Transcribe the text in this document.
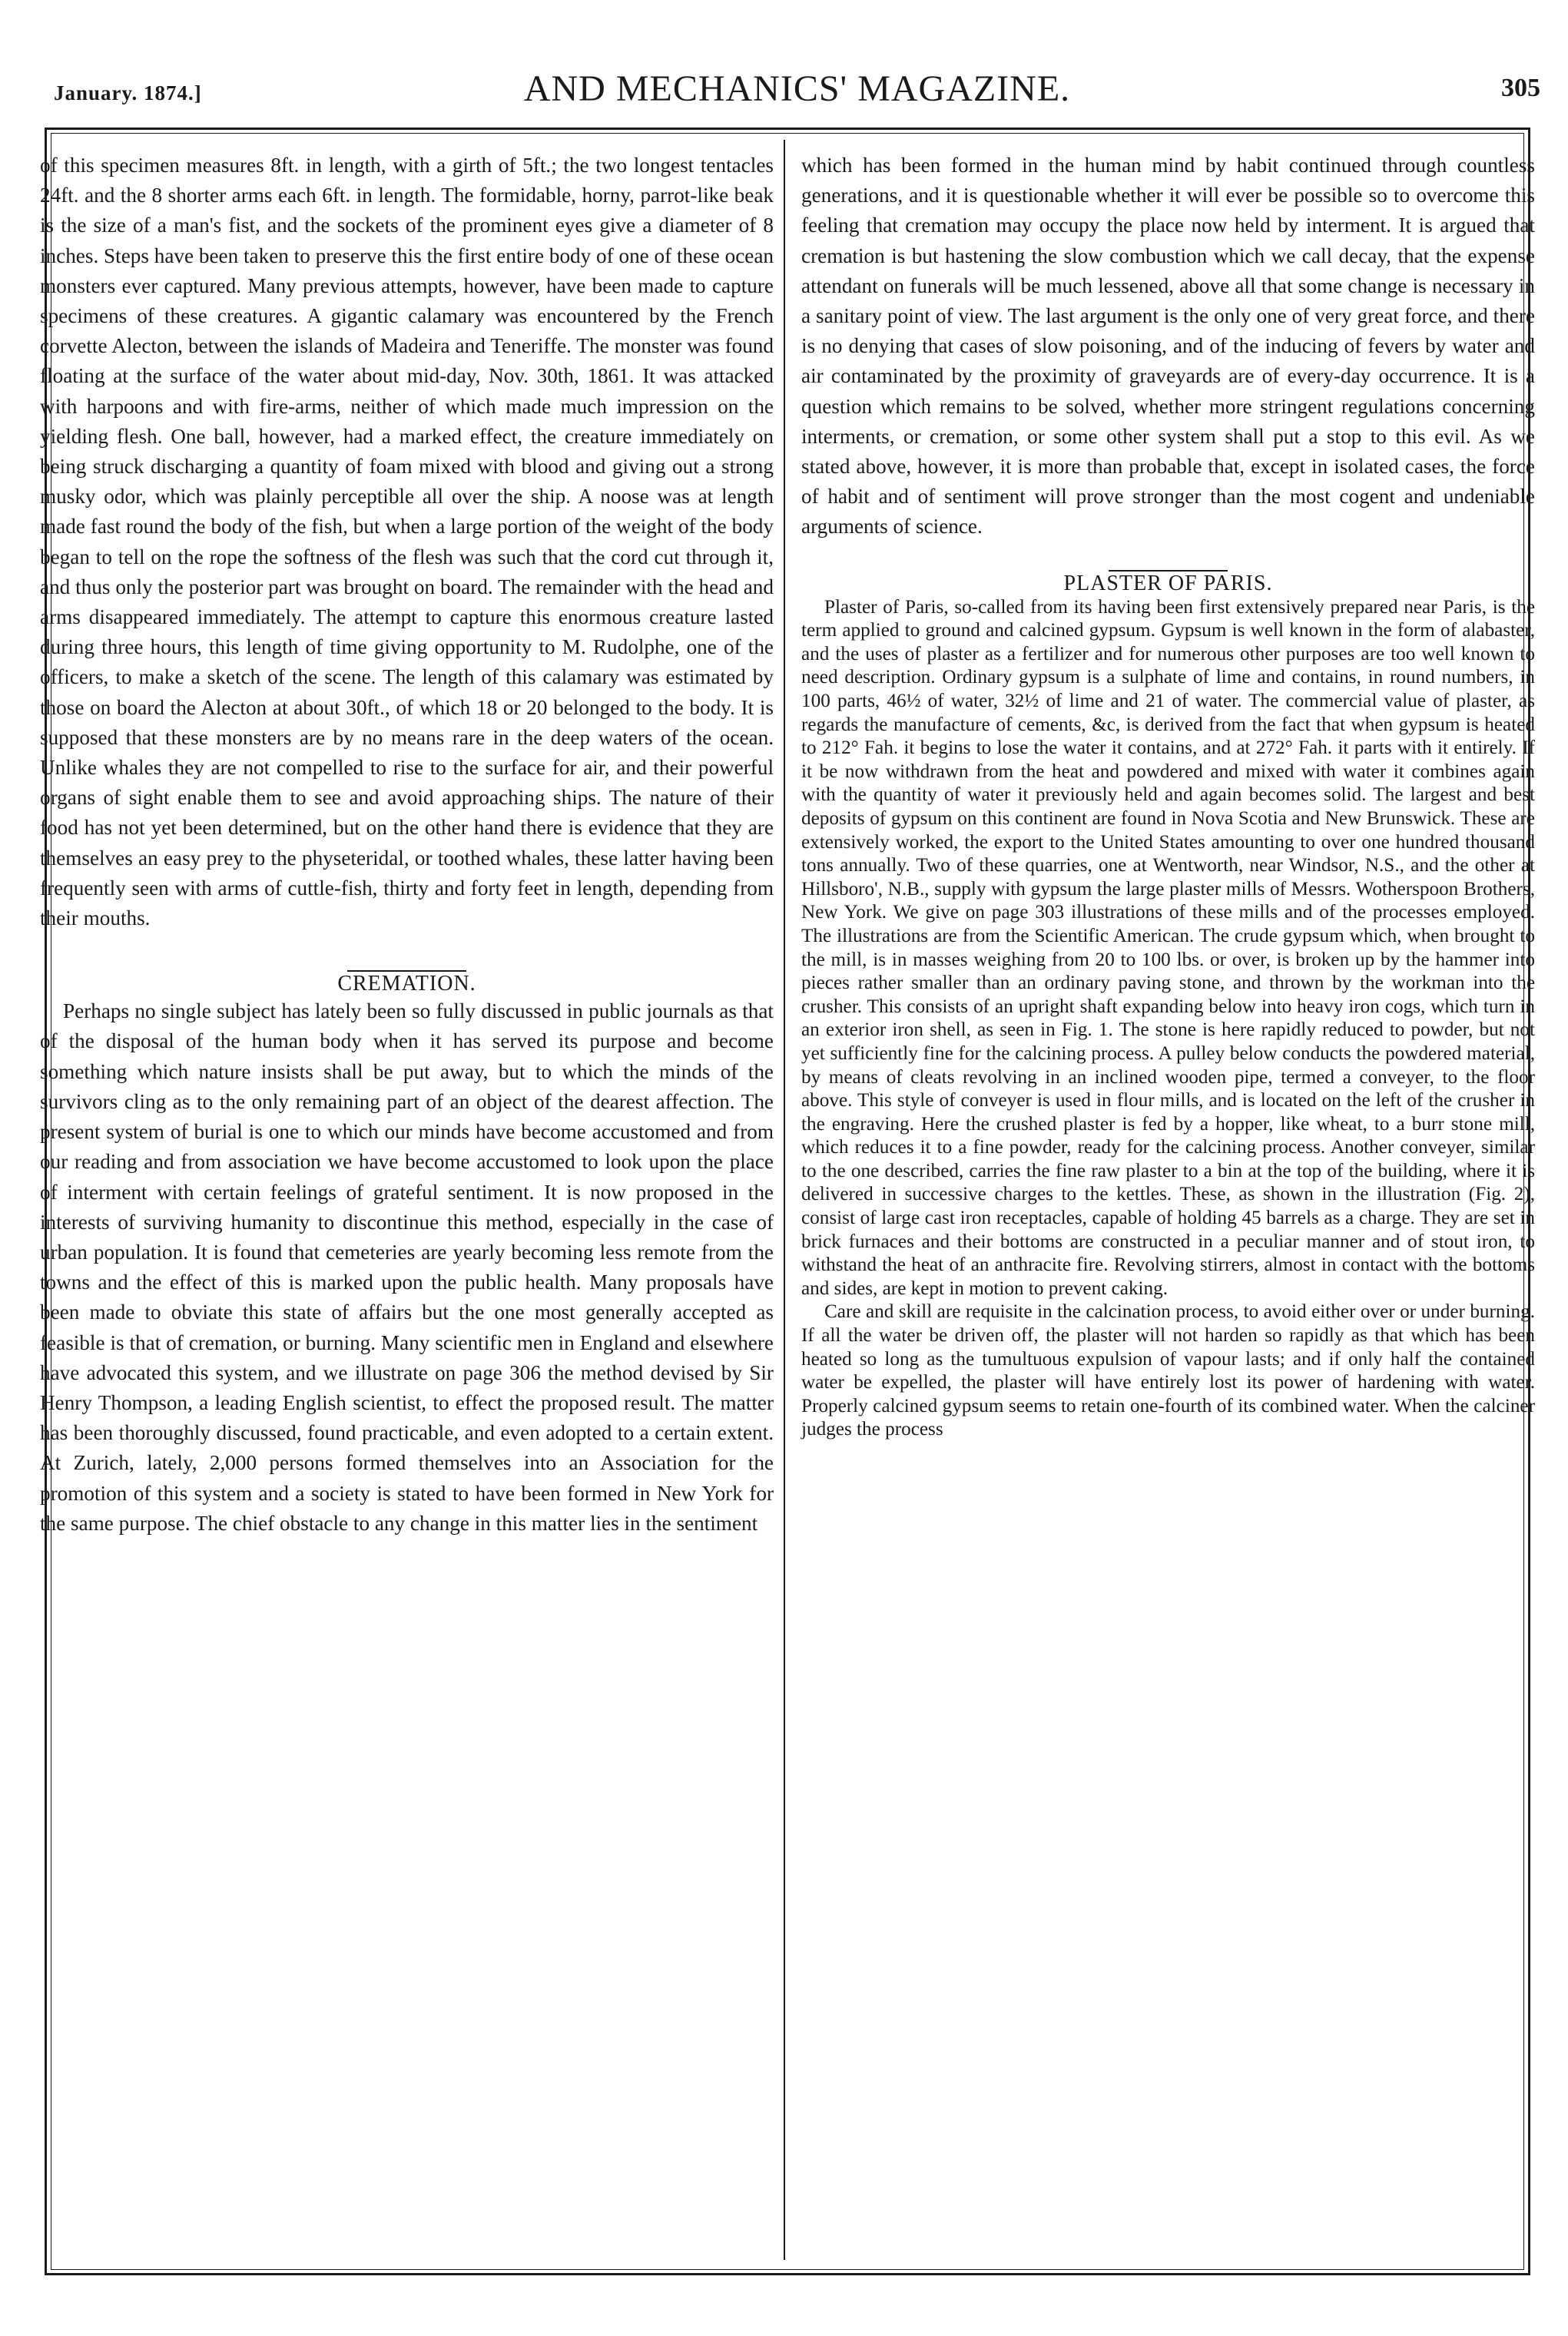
January. 1874.]	AND MECHANICS' MAGAZINE.	305

of this specimen measures 8ft. in length, with a girth of 5ft.; the two longest tentacles 24ft. and the 8 shorter arms each 6ft. in length. The formidable, horny, parrot-like beak is the size of a man's fist, and the sockets of the prominent eyes give a diameter of 8 inches. Steps have been taken to preserve this the first entire body of one of these ocean monsters ever captured. Many previous attempts, however, have been made to capture specimens of these creatures. A gigantic calamary was encountered by the French corvette Alecton, between the islands of Madeira and Teneriffe. The monster was found floating at the surface of the water about mid-day, Nov. 30th, 1861. It was attacked with harpoons and with fire-arms, neither of which made much impression on the yielding flesh. One ball, however, had a marked effect, the creature immediately on being struck discharging a quantity of foam mixed with blood and giving out a strong musky odor, which was plainly perceptible all over the ship. A noose was at length made fast round the body of the fish, but when a large portion of the weight of the body began to tell on the rope the softness of the flesh was such that the cord cut through it, and thus only the posterior part was brought on board. The remainder with the head and arms disappeared immediately. The attempt to capture this enormous creature lasted during three hours, this length of time giving opportunity to M. Rudolphe, one of the officers, to make a sketch of the scene. The length of this calamary was estimated by those on board the Alecton at about 30ft., of which 18 or 20 belonged to the body. It is supposed that these monsters are by no means rare in the deep waters of the ocean. Unlike whales they are not compelled to rise to the surface for air, and their powerful organs of sight enable them to see and avoid approaching ships. The nature of their food has not yet been determined, but on the other hand there is evidence that they are themselves an easy prey to the physeteridal, or toothed whales, these latter having been frequently seen with arms of cuttle-fish, thirty and forty feet in length, depending from their mouths.

CREMATION.

Perhaps no single subject has lately been so fully discussed in public journals as that of the disposal of the human body when it has served its purpose and become something which nature insists shall be put away, but to which the minds of the survivors cling as to the only remaining part of an object of the dearest affection. The present system of burial is one to which our minds have become accustomed and from our reading and from association we have become accustomed to look upon the place of interment with certain feelings of grateful sentiment. It is now proposed in the interests of surviving humanity to discontinue this method, especially in the case of urban population. It is found that cemeteries are yearly becoming less remote from the towns and the effect of this is marked upon the public health. Many proposals have been made to obviate this state of affairs but the one most generally accepted as feasible is that of cremation, or burning. Many scientific men in England and elsewhere have advocated this system, and we illustrate on page 306 the method devised by Sir Henry Thompson, a leading English scientist, to effect the proposed result. The matter has been thoroughly discussed, found practicable, and even adopted to a certain extent. At Zurich, lately, 2,000 persons formed themselves into an Association for the promotion of this system and a society is stated to have been formed in New York for the same purpose. The chief obstacle to any change in this matter lies in the sentiment

which has been formed in the human mind by habit continued through countless generations, and it is questionable whether it will ever be possible so to overcome this feeling that cremation may occupy the place now held by interment. It is argued that cremation is but hastening the slow combustion which we call decay, that the expense attendant on funerals will be much lessened, above all that some change is necessary in a sanitary point of view. The last argument is the only one of very great force, and there is no denying that cases of slow poisoning, and of the inducing of fevers by water and air contaminated by the proximity of graveyards are of every-day occurrence. It is a question which remains to be solved, whether more stringent regulations concerning interments, or cremation, or some other system shall put a stop to this evil. As we stated above, however, it is more than probable that, except in isolated cases, the force of habit and of sentiment will prove stronger than the most cogent and undeniable arguments of science.

PLASTER OF PARIS.

Plaster of Paris, so-called from its having been first extensively prepared near Paris, is the term applied to ground and calcined gypsum. Gypsum is well known in the form of alabaster, and the uses of plaster as a fertilizer and for numerous other purposes are too well known to need description. Ordinary gypsum is a sulphate of lime and contains, in round numbers, in 100 parts, 46½ of water, 32½ of lime and 21 of water. The commercial value of plaster, as regards the manufacture of cements, &c, is derived from the fact that when gypsum is heated to 212° Fah. it begins to lose the water it contains, and at 272° Fah. it parts with it entirely. If it be now withdrawn from the heat and powdered and mixed with water it combines again with the quantity of water it previously held and again becomes solid. The largest and best deposits of gypsum on this continent are found in Nova Scotia and New Brunswick. These are extensively worked, the export to the United States amounting to over one hundred thousand tons annually. Two of these quarries, one at Wentworth, near Windsor, N.S., and the other at Hillsboro', N.B., supply with gypsum the large plaster mills of Messrs. Wotherspoon Brothers, New York. We give on page 303 illustrations of these mills and of the processes employed. The illustrations are from the Scientific American. The crude gypsum which, when brought to the mill, is in masses weighing from 20 to 100 lbs. or over, is broken up by the hammer into pieces rather smaller than an ordinary paving stone, and thrown by the workman into the crusher. This consists of an upright shaft expanding below into heavy iron cogs, which turn in an exterior iron shell, as seen in Fig. 1. The stone is here rapidly reduced to powder, but not yet sufficiently fine for the calcining process. A pulley below conducts the powdered material, by means of cleats revolving in an inclined wooden pipe, termed a conveyer, to the floor above. This style of conveyer is used in flour mills, and is located on the left of the crusher in the engraving. Here the crushed plaster is fed by a hopper, like wheat, to a burr stone mill, which reduces it to a fine powder, ready for the calcining process. Another conveyer, similar to the one described, carries the fine raw plaster to a bin at the top of the building, where it is delivered in successive charges to the kettles. These, as shown in the illustration (Fig. 2), consist of large cast iron receptacles, capable of holding 45 barrels as a charge. They are set in brick furnaces and their bottoms are constructed in a peculiar manner and of stout iron, to withstand the heat of an anthracite fire. Revolving stirrers, almost in contact with the bottoms and sides, are kept in motion to prevent caking.

Care and skill are requisite in the calcination process, to avoid either over or under burning. If all the water be driven off, the plaster will not harden so rapidly as that which has been heated so long as the tumultuous expulsion of vapour lasts; and if only half the contained water be expelled, the plaster will have entirely lost its power of hardening with water. Properly calcined gypsum seems to retain one-fourth of its combined water. When the calciner judges the process
